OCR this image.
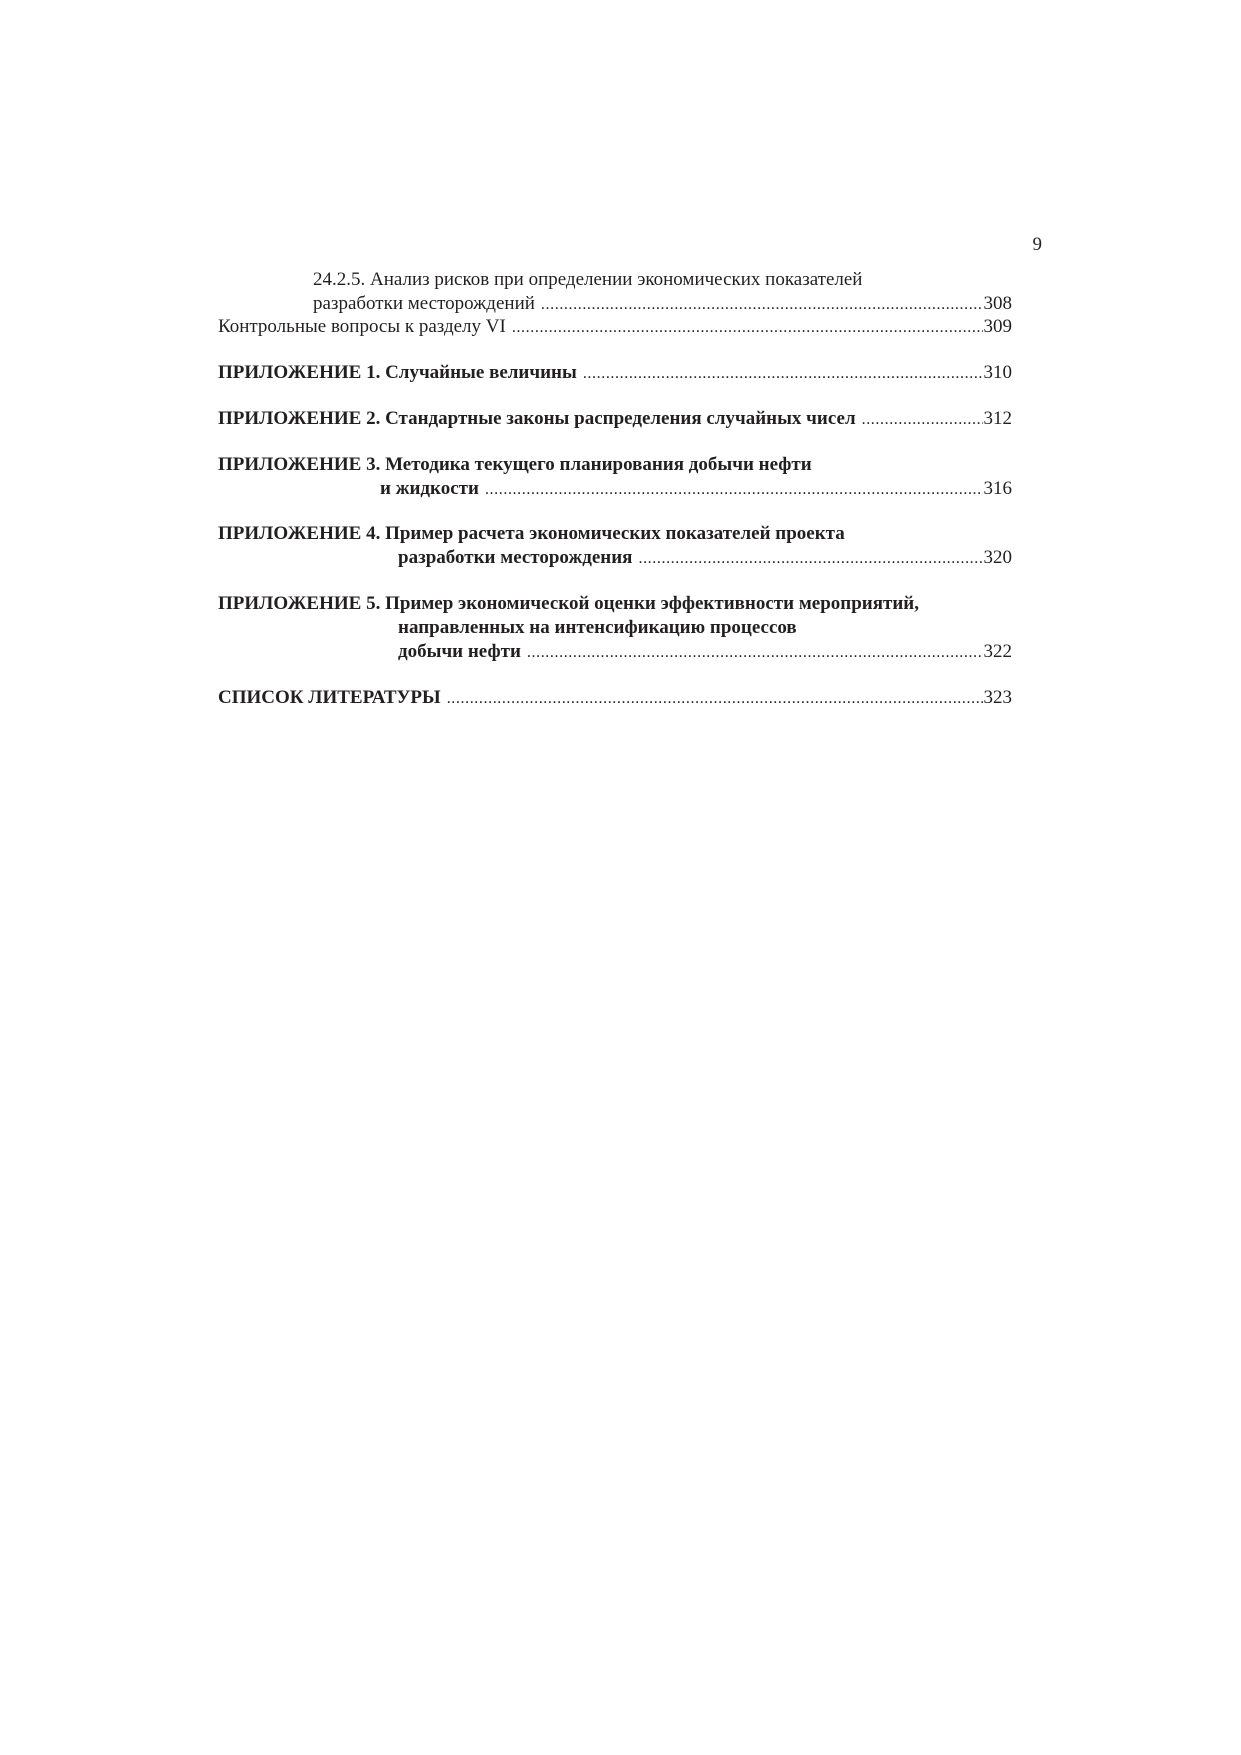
9
24.2.5. Анализ рисков при определении экономических показателей
разработки месторождений .....	308
Контрольные вопросы к разделу VI .....	309
ПРИЛОЖЕНИЕ 1. Случайные величины .....	310
ПРИЛОЖЕНИЕ 2. Стандартные законы распределения случайных чисел .....	312
ПРИЛОЖЕНИЕ 3. Методика текущего планирования добычи нефти
и жидкости .....	316
ПРИЛОЖЕНИЕ 4. Пример расчета экономических показателей проекта
разработки месторождения .....	320
ПРИЛОЖЕНИЕ 5. Пример экономической оценки эффективности мероприятий,
направленных на интенсификацию процессов
добычи нефти .....	322
СПИСОК ЛИТЕРАТУРЫ .....	323
